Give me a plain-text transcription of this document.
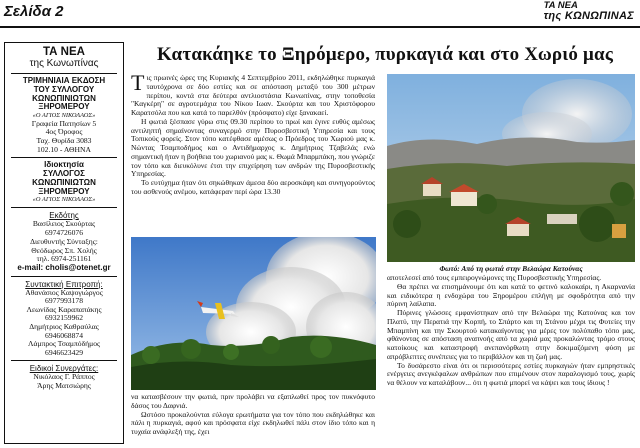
Σελίδα 2	ΤΑ ΝΕΑ
της ΚΩΝΩΠΙΝΑΣ
ΤΑ ΝΕΑ
της Κωνωπίνας
ΤΡΙΜΗΝΙΑΙΑ ΕΚΔΟΣΗ
ΤΟΥ ΣΥΛΛΟΓΟΥ
ΚΩΝΩΠΙΝΙΩΤΩΝ
ΞΗΡΟΜΕΡΟΥ
«Ο ΑΓΙΟΣ ΝΙΚΟΛΑΟΣ»
Γραφεία Πατησίων 5
4ος Όροφος
Ταχ. Θυρίδα 3083
102.10 - ΑΘΗΝΑ
Ιδιοκτησία
ΣΥΛΛΟΓΟΣ
ΚΩΝΩΠΙΝΙΩΤΩΝ
ΞΗΡΟΜΕΡΟΥ
«Ο ΑΓΙΟΣ ΝΙΚΟΛΑΟΣ»
Εκδότης
Βασίλειος Σκούρτας
6974726076
Διευθυντής Σύνταξης:
Θεόδωρος Σπ. Χολής
τηλ. 6974-251161
e-mail: cholis@otenet.gr
Συντακτική Επιτροπή:
Αθανάσιος Καψογιώργος
6977993178
Λεωνίδας Καραπαπάκης
6932159962
Δημήτριος Καθραύλας
6946068874
Λάμπρος Τσαμπόδήμος
6946623429
Ειδικοί Συνεργάτες:
Νικόλαος Γ. Ράππος
Άρης Ματσιώρης
Κατακάηκε το Ξηρόμερο, πυρκαγιά και στο Χωριό μας

Τις πρωινές ώρες της Κυριακής 4 Σεπτεμβρίου 2011, εκδηλώθηκε πυρκαγιά ταυτόχρονα σε δύο εστίες και σε απόσταση μεταξύ του 300 μέτρων περίπου, κοντά στα δεύτερα αντλιοστάσια Κωνωπίνας, στην τοποθεσία "Καγκέρη" σε αγροτεμάχια του Νίκου Ιωαν. Σκούρτα και του Χριστόφορου Καρατσόλα που και κατά το παρελθόν (πρόσφατο) είχε ξανακαεί.

Η φωτιά ξέσπασε γύρω στις 09.30 περίπου το πρωί και έγινε ευθύς αμέσως αντιληπτή σημαίνοντας συναγερμό στην Πυροσβεστική Υπηρεσία και τους Τοπικούς φορείς. Στον τόπο κατέφθασε αμέσως ο Πρόεδρος του Χωριού μας κ. Νώντας Τσαμποδήμος και ο Αντιδήμαρχος κ. Δημήτριος Τζαβελάς ενώ σημαντική ήταν η βοήθεια του χωριανού μας κ. Θωμά Μπαρμπάκη, που γνώριζε τον τόπο και διευκόλυνε έτσι την επιχείρηση των ανδρών της Πυροσβεστικής Υπηρεσίας.

Το ευτύχημα ήταν ότι σηκώθηκαν άμεσα δύο αεροσκάφη και συνηγορούντος του ασθενούς ανέμου, κατάφεραν περί ώρα 13.30

να κατασβέσουν την φωτιά, πριν προλάβει να εξαπλωθεί προς τον πυκνόφυτο δάσος του Δαφνιά.

Ωστόσο προκαλούνται εύλογα ερωτήματα για τον τόπο που εκδηλώθηκε και πάλι η πυρκαγιά, αφού και πρόσφατα είχε εκδηλωθεί πάλι στον ίδιο τόπο και η τυχαία ανάφλεξή της, έχει

Φωτό: Από τη φωτιά στην Βελαώρα Κατούνας

αποτελεσεί από τους εμπειρογνώμονες της Πυροσβεστικής Υπηρεσίας.

Θα πρέπει να επισημάνουμε ότι και κατά το φετινό καλοκαίρι, η Ακαρνανία και ειδικότερα η ενδοχώρα του Ξηρομέρου επλήγη με σφοδρότητα από την πύρινη λαίλαπα.

Πύρινες γλώσσες εμφανίστηκαν από την Βελαώρα της Κατούνας και τον Πλατύ, την Περατιά την Κορπή, το Σπάρτο και τη Στάνου μέχρι τις Φυτείες την Μπαμπίνη και την Σκουρτού κατακαίγοντας για μέρες τον πολύπαθο τόπο μας, φθάνοντας σε απόσταση αναπνοής από τα χωριά μας προκαλώντας τρόμο στους κατοίκους και καταστροφή ανεπανόρθωτη στην δοκιμαζόμενη φύση με απρόβλεπτες συνέπειες για το περιβάλλον και τη ζωή μας.

Το δυσάρεστο είναι ότι οι περισσότερες εστίες πυρκαγιών ήταν εμπρηστικές ενέργειες ανεγκέφαλων ανθρώπων που επιμένουν στον παραλογισμό τους, χωρίς να θέλουν να καταλάβουν... ότι η φωτιά μπορεί να κάψει και τους ίδιους !
